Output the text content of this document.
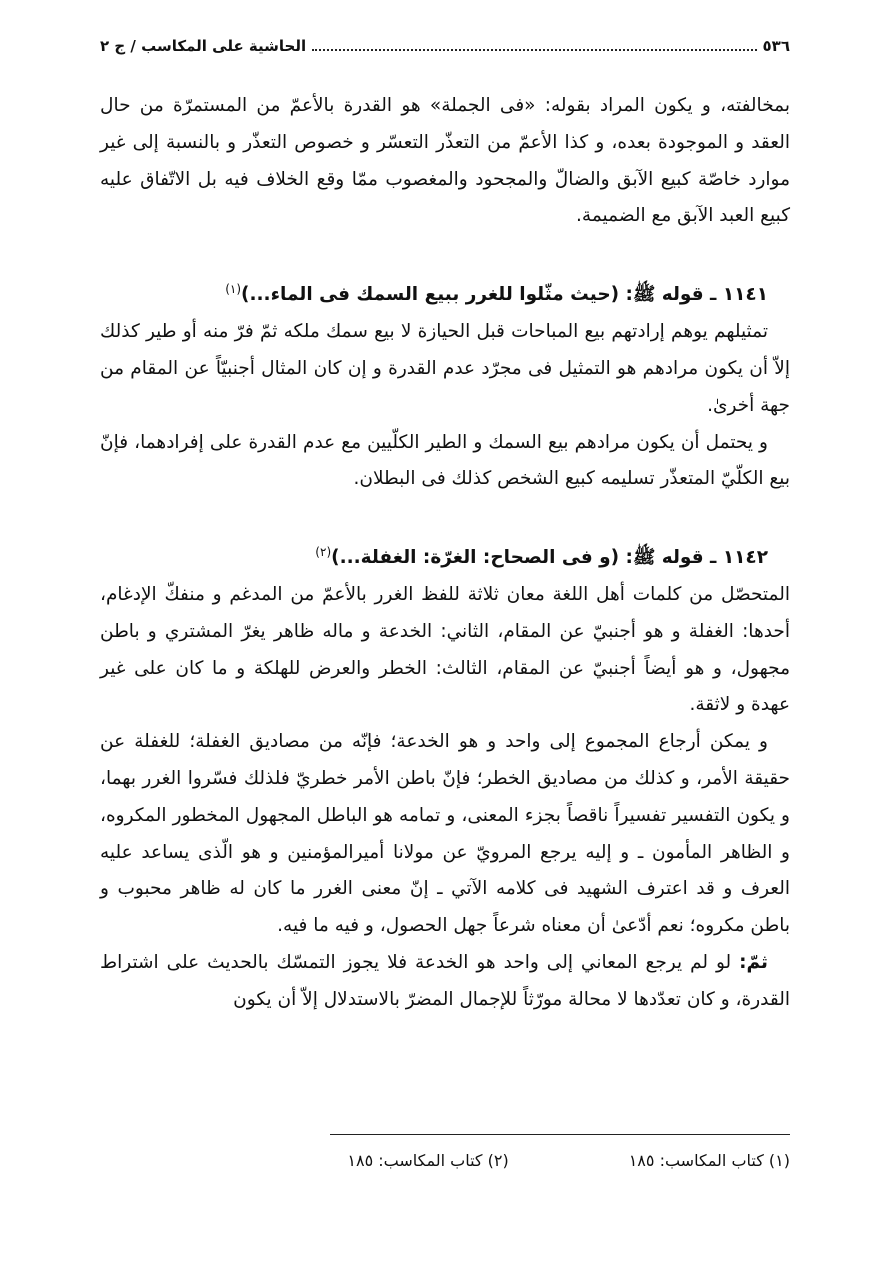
٥٣٦
الحاشية على المكاسب / ج ٢

بمخالفته، و يكون المراد بقوله: «فى الجملة» هو القدرة بالأعمّ من المستمرّة من حال العقد و الموجودة بعده، و كذا الأعمّ من التعذّر التعسّر و خصوص التعذّر و بالنسبة إلى غير موارد خاصّة كبيع الآبق والضالّ والمجحود والمغصوب ممّا وقع الخلاف فيه بل الاتّفاق عليه كبيع العبد الآبق مع الضميمة.

١١٤١ ـ قوله ﷺ: (حيث مثّلوا للغرر ببيع السمك فى الماء...)$^{(١)}$

تمثيلهم يوهم إرادتهم بيع المباحات قبل الحيازة لا بيع سمك ملكه ثمّ فرّ منه أو طير كذلك إلاّ أن يكون مرادهم هو التمثيل فى مجرّد عدم القدرة و إن كان المثال أجنبيّاً عن المقام من جهة أخرىٰ.

و يحتمل أن يكون مرادهم بيع السمك و الطير الكلّيين مع عدم القدرة على إفرادهما، فإنّ بيع الكلّيّ المتعذّر تسليمه كبيع الشخص كذلك فى البطلان.

١١٤٢ ـ قوله ﷺ: (و فى الصحاح: الغرّة: الغفلة...)$^{(٢)}$

المتحصّل من كلمات أهل اللغة معان ثلاثة للفظ الغرر بالأعمّ من المدغم و منفكّ الإدغام، أحدها: الغفلة و هو أجنبيّ عن المقام، الثاني: الخدعة و ماله ظاهر يغرّ المشتري و باطن مجهول، و هو أيضاً أجنبيّ عن المقام، الثالث: الخطر والعرض للهلكة و ما كان على غير عهدة و لاثقة.

و يمكن أرجاع المجموع إلى واحد و هو الخدعة؛ فإنّه من مصاديق الغفلة؛ للغفلة عن حقيقة الأمر، و كذلك من مصاديق الخطر؛ فإنّ باطن الأمر خطريّ فلذلك فسّروا الغرر بهما، و يكون التفسير تفسيراً ناقصاً بجزء المعنى، و تمامه هو الباطل المجهول المخطور المكروه، و الظاهر المأمون ـ و إليه يرجع المرويّ عن مولانا أميرالمؤمنين و هو الّذى يساعد عليه العرف و قد اعترف الشهيد فى كلامه الآتي ـ إنّ معنى الغرر ما كان له ظاهر محبوب و باطن مكروه؛ نعم أدّعىٰ أن معناه شرعاً جهل الحصول، و فيه ما فيه.

ثمّ: لو لم يرجع المعاني إلى واحد هو الخدعة فلا يجوز التمسّك بالحديث على اشتراط القدرة، و كان تعدّدها لا محالة مورّثاً للإجمال المضرّ بالاستدلال إلاّ أن يكون

(١) كتاب المكاسب: ١٨٥
(٢) كتاب المكاسب: ١٨٥
